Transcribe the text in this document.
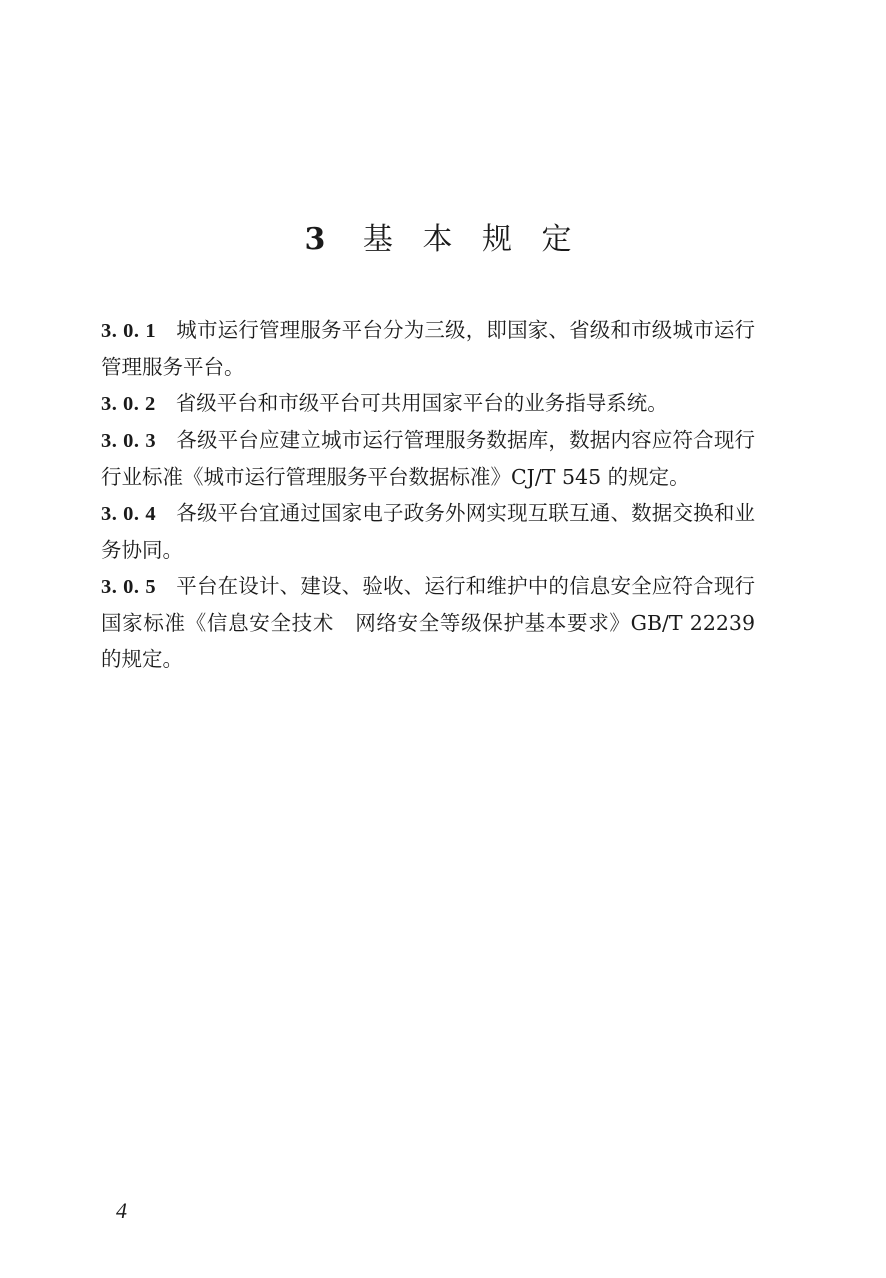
3 基 本 规 定

3. 0. 1 城市运行管理服务平台分为三级，即国家、省级和市级城市运行管理服务平台。

3. 0. 2 省级平台和市级平台可共用国家平台的业务指导系统。

3. 0. 3 各级平台应建立城市运行管理服务数据库，数据内容应符合现行行业标准《城市运行管理服务平台数据标准》CJ/T 545 的规定。

3. 0. 4 各级平台宜通过国家电子政务外网实现互联互通、数据交换和业务协同。

3. 0. 5 平台在设计、建设、验收、运行和维护中的信息安全应符合现行国家标准《信息安全技术　网络安全等级保护基本要求》GB/T 22239 的规定。

4
